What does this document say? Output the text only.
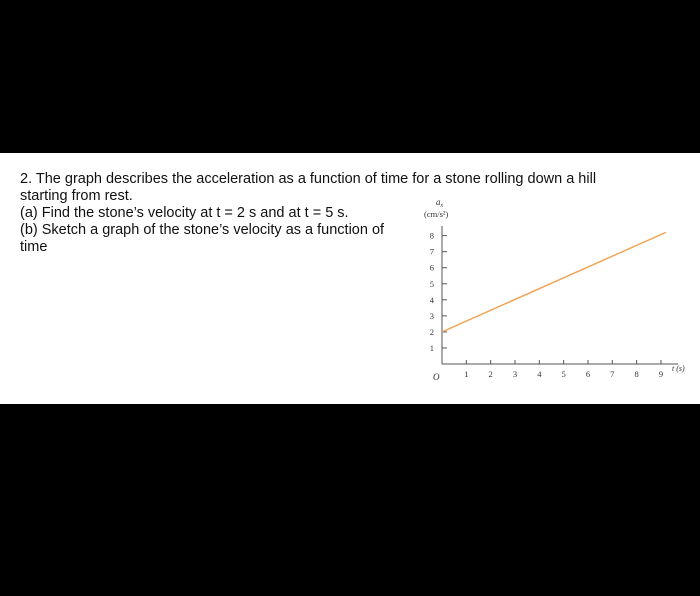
2. The graph describes the acceleration as a function of time for a stone rolling down a hill

starting from rest.

(a) Find the stone’s velocity at t = 2 s and at t = 5 s.

(b) Sketch a graph of the stone’s velocity as a function of

time

$a_x$
(cm/s²)
t (s)
O	1 2 3 4 5 6 7 8 9
1
2
3
4
5
6
7
8
